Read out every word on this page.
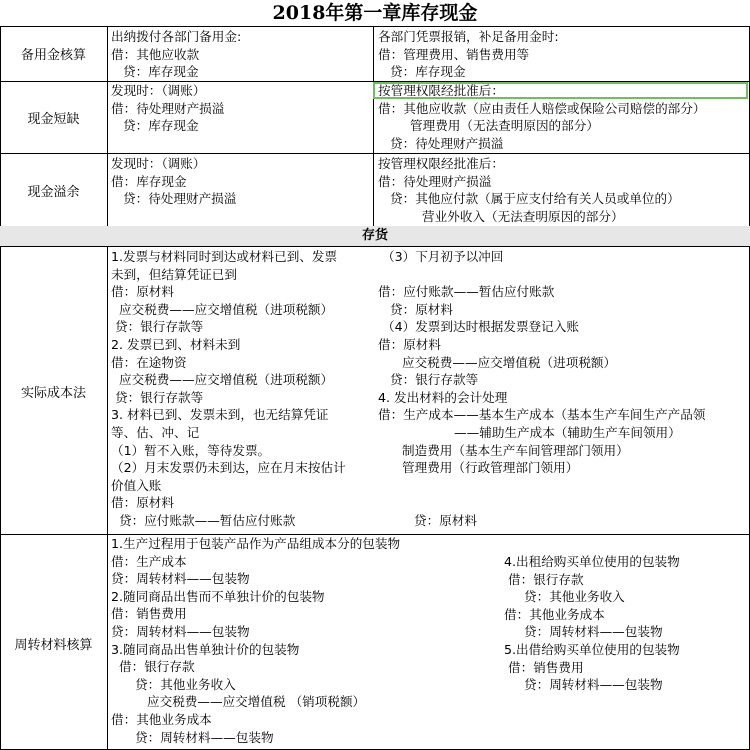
2018年第一章库存现金
备用金核算
出纳拨付各部门备用金:
借：其他应收款
贷：库存现金
各部门凭票报销，补足备用金时:
借：管理费用、销售费用等
贷：库存现金
现金短缺
发现时：（调账）
借：待处理财产损溢
贷：库存现金
按管理权限经批准后：
借：其他应收款（应由责任人赔偿或保险公司赔偿的部分）
管理费用（无法查明原因的部分）
贷：待处理财产损溢
现金溢余
发现时：（调账）
借：库存现金
贷：待处理财产损溢
按管理权限经批准后：
借：待处理财产损溢
贷：其他应付款（属于应支付给有关人员或单位的）
营业外收入（无法查明原因的部分）
存货
实际成本法
1.发票与材料同时到达或材料已到、发票
未到，但结算凭证已到
借：原材料
应交税费——应交增值税（进项税额）
贷：银行存款等
2. 发票已到、材料未到
借：在途物资
应交税费——应交增值税（进项税额）
贷：银行存款等
3. 材料已到、发票未到，也无结算凭证
等、估、冲、记
（1）暂不入账，等待发票。
（2）月末发票仍未到达，应在月末按估计
价值入账
借：原材料
贷：应付账款——暂估应付账款
（3）下月初予以冲回

借：应付账款——暂估应付账款
贷：原材料
（4）发票到达时根据发票登记入账
借：原材料
应交税费——应交增值税（进项税额）
贷：银行存款等
4. 发出材料的会计处理
借：生产成本——基本生产成本（基本生产车间生产产品领
——辅助生产成本（辅助生产车间领用）
制造费用（基本生产车间管理部门领用）
管理费用（行政管理部门领用）

贷：原材料
周转材料核算
1.生产过程用于包装产品作为产品组成本分的包装物
借：生产成本
贷：周转材料——包装物
2.随同商品出售而不单独计价的包装物
借：销售费用
贷：周转材料——包装物
3.随同商品出售单独计价的包装物
借：银行存款
贷：其他业务收入
应交税费——应交增值税 （销项税额）
借：其他业务成本
贷：周转材料——包装物
4.出租给购买单位使用的包装物
借：银行存款
贷：其他业务收入
借：其他业务成本
贷：周转材料——包装物
5.出借给购买单位使用的包装物
借：销售费用
贷：周转材料——包装物
